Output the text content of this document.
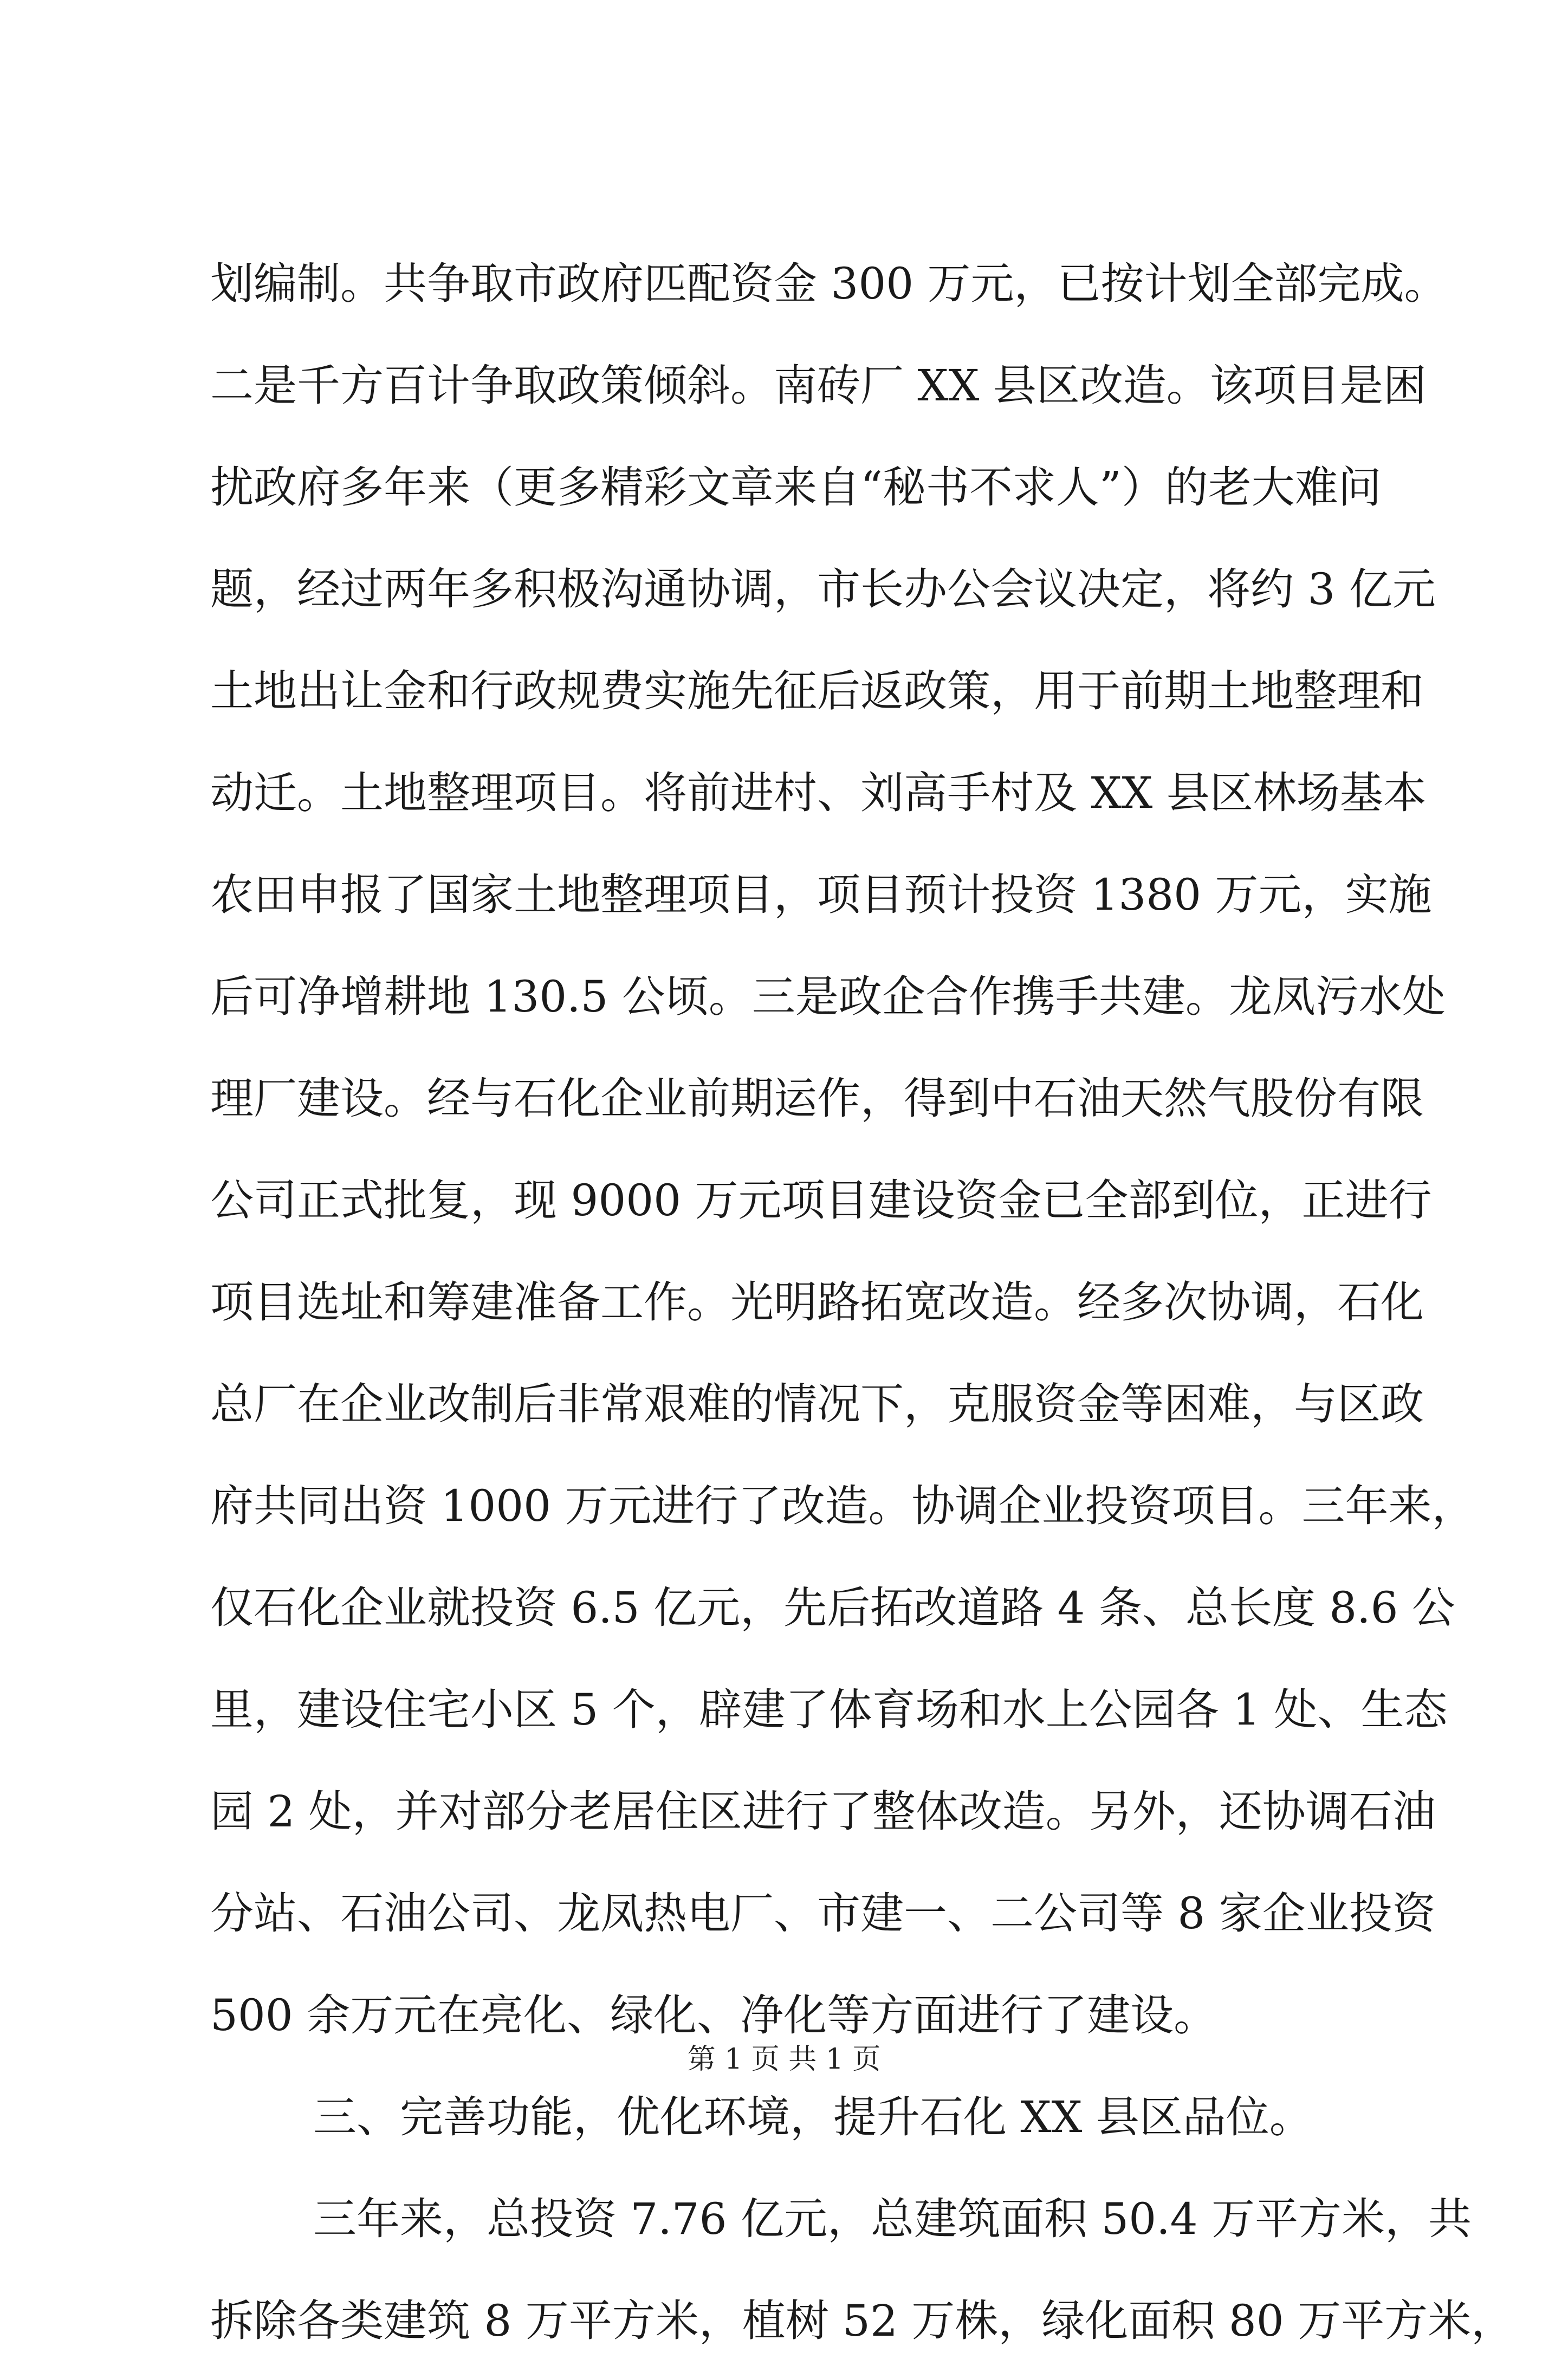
划编制。共争取市政府匹配资金 300 万元，已按计划全部完成。
二是千方百计争取政策倾斜。南砖厂 XX 县区改造。该项目是困
扰政府多年来（更多精彩文章来自“秘书不求人”）的老大难问
题，经过两年多积极沟通协调，市长办公会议决定，将约 3 亿元
土地出让金和行政规费实施先征后返政策，用于前期土地整理和
动迁。土地整理项目。将前进村、刘高手村及 XX 县区林场基本
农田申报了国家土地整理项目，项目预计投资 1380 万元，实施
后可净增耕地 130.5 公顷。三是政企合作携手共建。龙凤污水处
理厂建设。经与石化企业前期运作，得到中石油天然气股份有限
公司正式批复，现 9000 万元项目建设资金已全部到位，正进行
项目选址和筹建准备工作。光明路拓宽改造。经多次协调，石化
总厂在企业改制后非常艰难的情况下，克服资金等困难，与区政
府共同出资 1000 万元进行了改造。协调企业投资项目。三年来，
仅石化企业就投资 6.5 亿元，先后拓改道路 4 条、总长度 8.6 公
里，建设住宅小区 5 个，辟建了体育场和水上公园各 1 处、生态
园 2 处，并对部分老居住区进行了整体改造。另外，还协调石油
分站、石油公司、龙凤热电厂、市建一、二公司等 8 家企业投资
500 余万元在亮化、绿化、净化等方面进行了建设。
三、完善功能，优化环境，提升石化 XX 县区品位。
三年来，总投资 7.76 亿元，总建筑面积 50.4 万平方米，共
拆除各类建筑 8 万平方米，植树 52 万株，绿化面积 80 万平方米，
第 1 页 共 1 页
